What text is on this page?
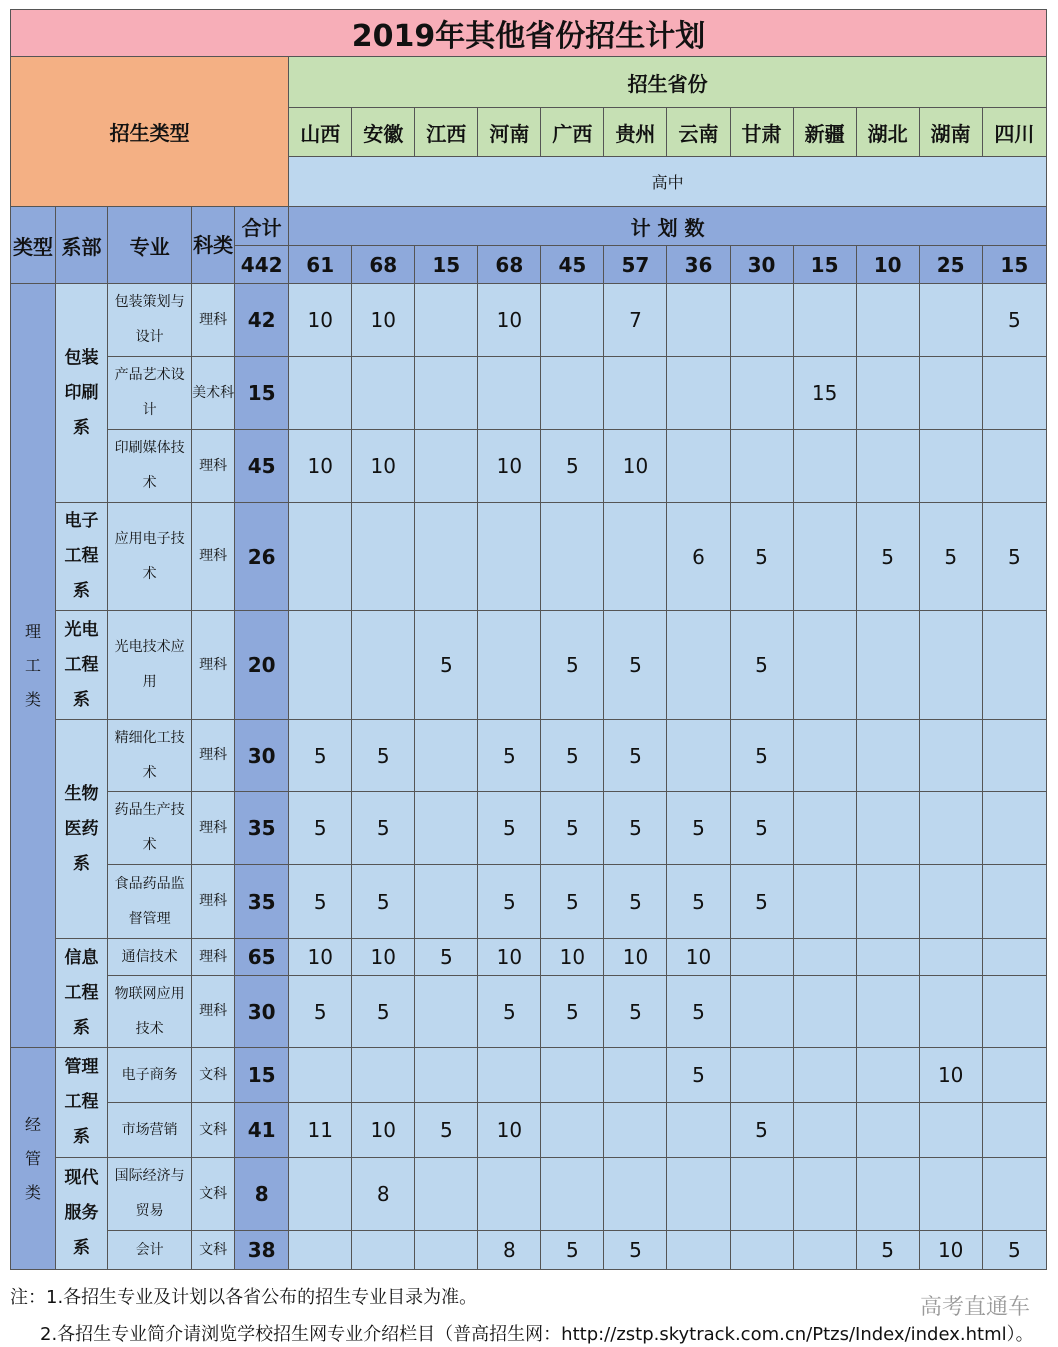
2019年其他省份招生计划																
招生类型					招生省份											
					山西	安徽	江西	河南	广西	贵州	云南	甘肃	新疆	湖北	湖南	四川
					高中											
类型	系部	专业	科类	合计	计 划 数											
				442	61	68	15	68	45	57	36	30	15	10	25	15
理工类	包装印刷系	包装策划与设计	理科	42	10	10		10		7						5
		产品艺术设计	美术科	15									15			
		印刷媒体技术	理科	45	10	10		10	5	10						
	电子工程系	应用电子技术	理科	26							6	5		5	5	5
	光电工程系	光电技术应用	理科	20			5		5	5		5				
	生物医药系	精细化工技术	理科	30	5	5		5	5	5		5				
		药品生产技术	理科	35	5	5		5	5	5	5	5				
		食品药品监督管理	理科	35	5	5		5	5	5	5	5				
	信息工程系	通信技术	理科	65	10	10	5	10	10	10	10					
		物联网应用技术	理科	30	5	5		5	5	5	5					
经管类	管理工程系	电子商务	文科	15							5				10	
		市场营销	文科	41	11	10	5	10				5				
	现代服务系	国际经济与贸易	文科	8		8										
		会计	文科	38				8	5	5				5	10	5
注：1.各招生专业及计划以各省公布的招生专业目录为准。
2.各招生专业简介请浏览学校招生网专业介绍栏目（普高招生网：http://zstp.skytrack.com.cn/Ptzs/Index/index.html）。
高考直通车
